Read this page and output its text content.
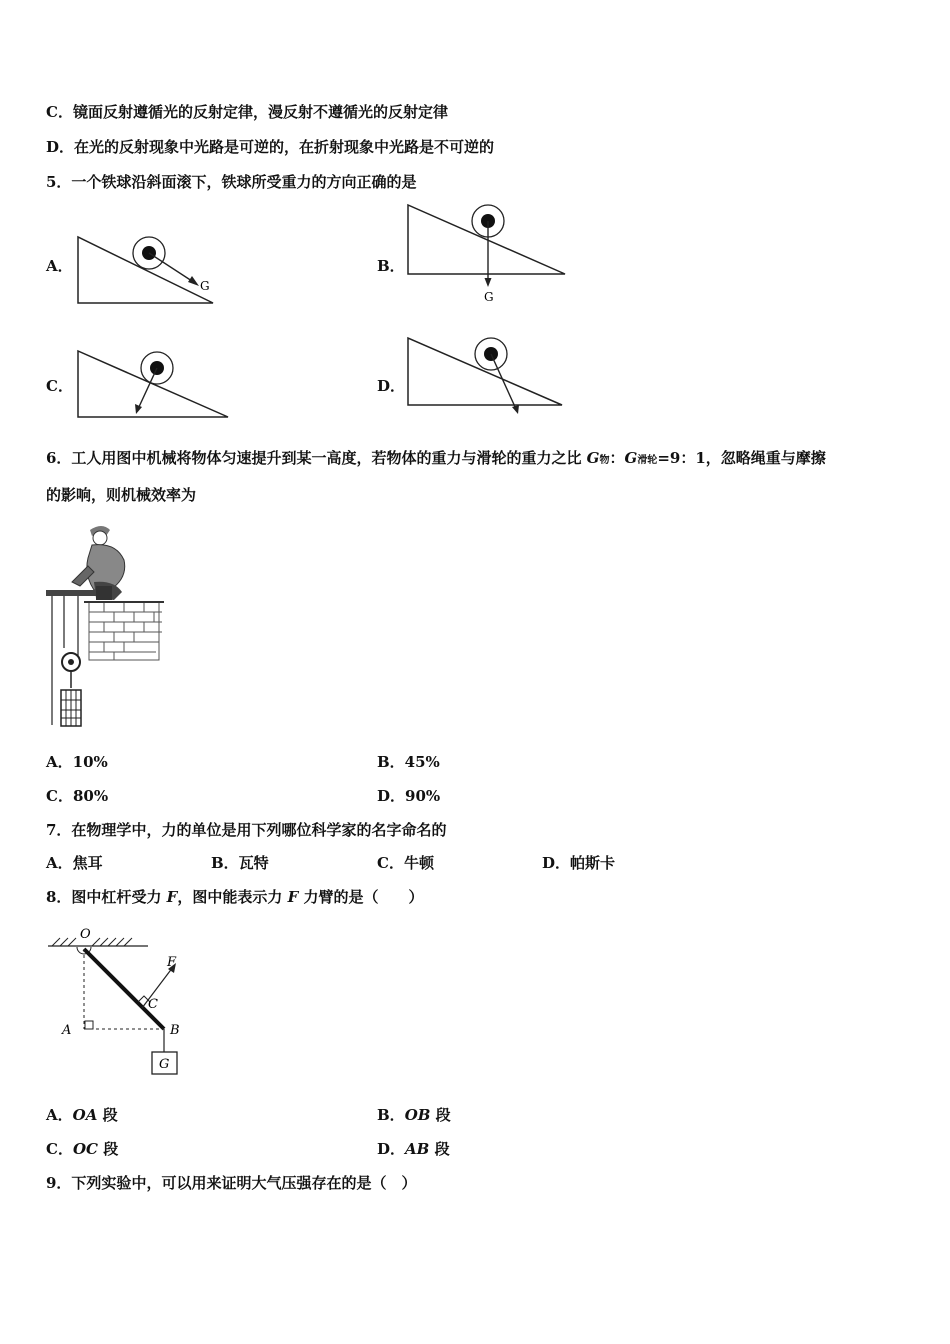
C．镜面反射遵循光的反射定律，漫反射不遵循光的反射定律
D．在光的反射现象中光路是可逆的，在折射现象中光路是不可逆的
5．一个铁球沿斜面滚下，铁球所受重力的方向正确的是
A．
G
B．
G
C．	D．
6．工人用图中机械将物体匀速提升到某一高度，若物体的重力与滑轮的重力之比 G物：G滑轮=9：1，忽略绳重与摩擦
的影响，则机械效率为
A．10%	B．45%
C．80%	D．90%
7．在物理学中，力的单位是用下列哪位科学家的名字命名的
A．焦耳	B．瓦特	C．牛顿	D．帕斯卡
8．图中杠杆受力 F，图中能表示力 F 力臂的是（　　）
O
A	B
F
C
G
A．OA 段	B．OB 段
C．OC 段	D．AB 段
9．下列实验中，可以用来证明大气压强存在的是（　）
